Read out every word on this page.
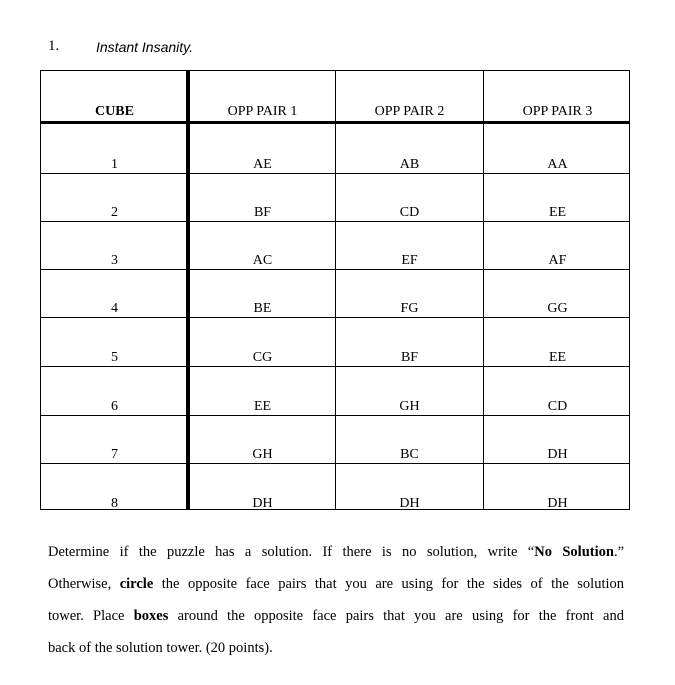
1.	Instant Insanity.
CUBE	OPP PAIR 1	OPP PAIR 2	OPP PAIR 3
1	AE	AB	AA
2	BF	CD	EE
3	AC	EF	AF
4	BE	FG	GG
5	CG	BF	EE
6	EE	GH	CD
7	GH	BC	DH
8	DH	DH	DH
Determine if the puzzle has a solution. If there is no solution, write “No Solution.”
Otherwise, circle the opposite face pairs that you are using for the sides of the solution
tower. Place boxes around the opposite face pairs that you are using for the front and
back of the solution tower. (20 points).
